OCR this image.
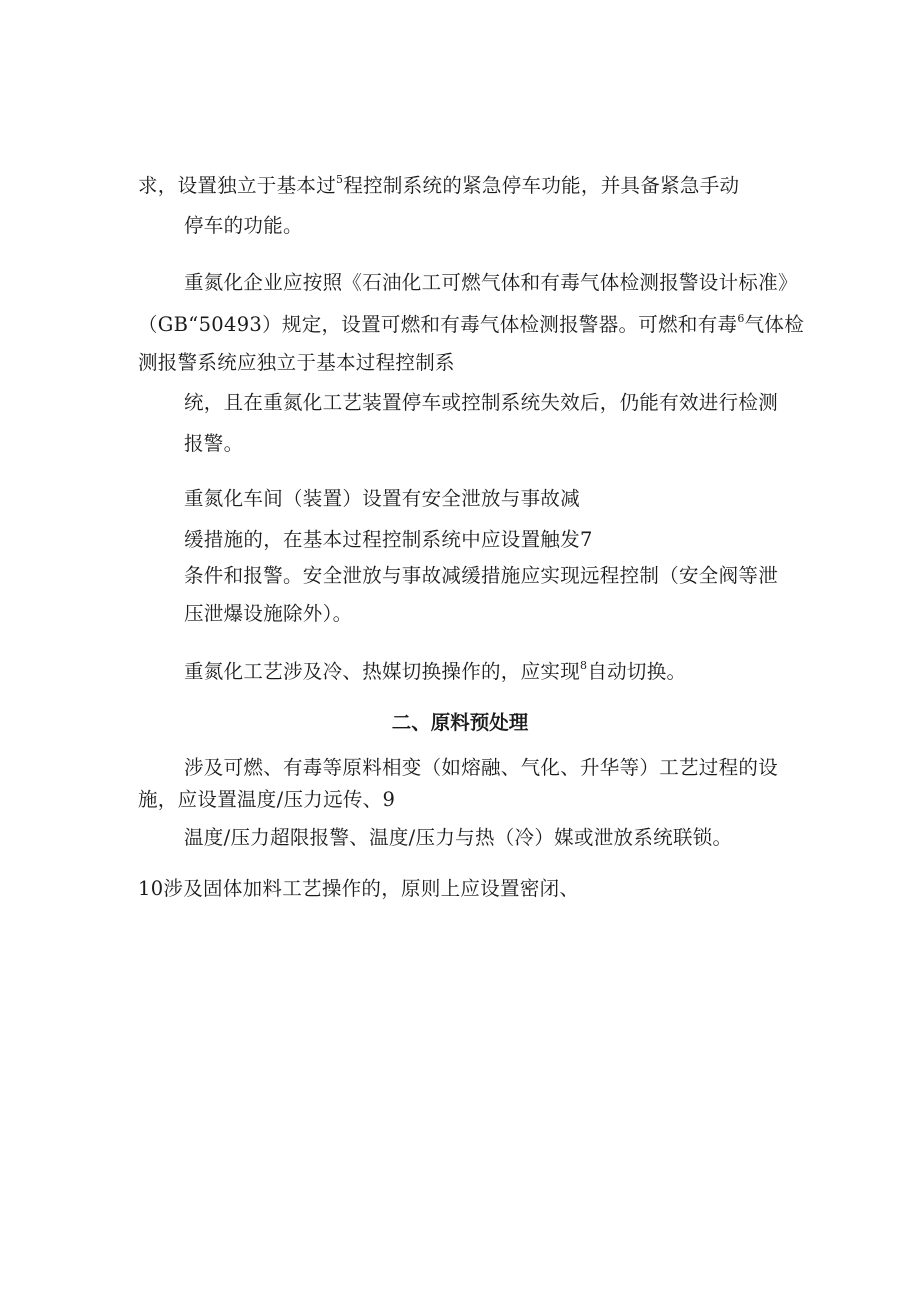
求，设置独立于基本过$^5$程控制系统的紧急停车功能，并具备紧急手动
停车的功能。
重氮化企业应按照《石油化工可燃气体和有毒气体检测报警设计标准》
（GB“50493）规定，设置可燃和有毒气体检测报警器。可燃和有毒$^6$气体检
测报警系统应独立于基本过程控制系
统，且在重氮化工艺装置停车或控制系统失效后，仍能有效进行检测
报警。
重氮化车间（装置）设置有安全泄放与事故减
缓措施的，在基本过程控制系统中应设置触发7
条件和报警。安全泄放与事故减缓措施应实现远程控制（安全阀等泄
压泄爆设施除外）。
重氮化工艺涉及冷、热媒切换操作的，应实现$^8$自动切换。
二、原料预处理
涉及可燃、有毒等原料相变（如熔融、气化、升华等）工艺过程的设
施，应设置温度/压力远传、9
温度/压力超限报警、温度/压力与热（冷）媒或泄放系统联锁。
10涉及固体加料工艺操作的，原则上应设置密闭、
